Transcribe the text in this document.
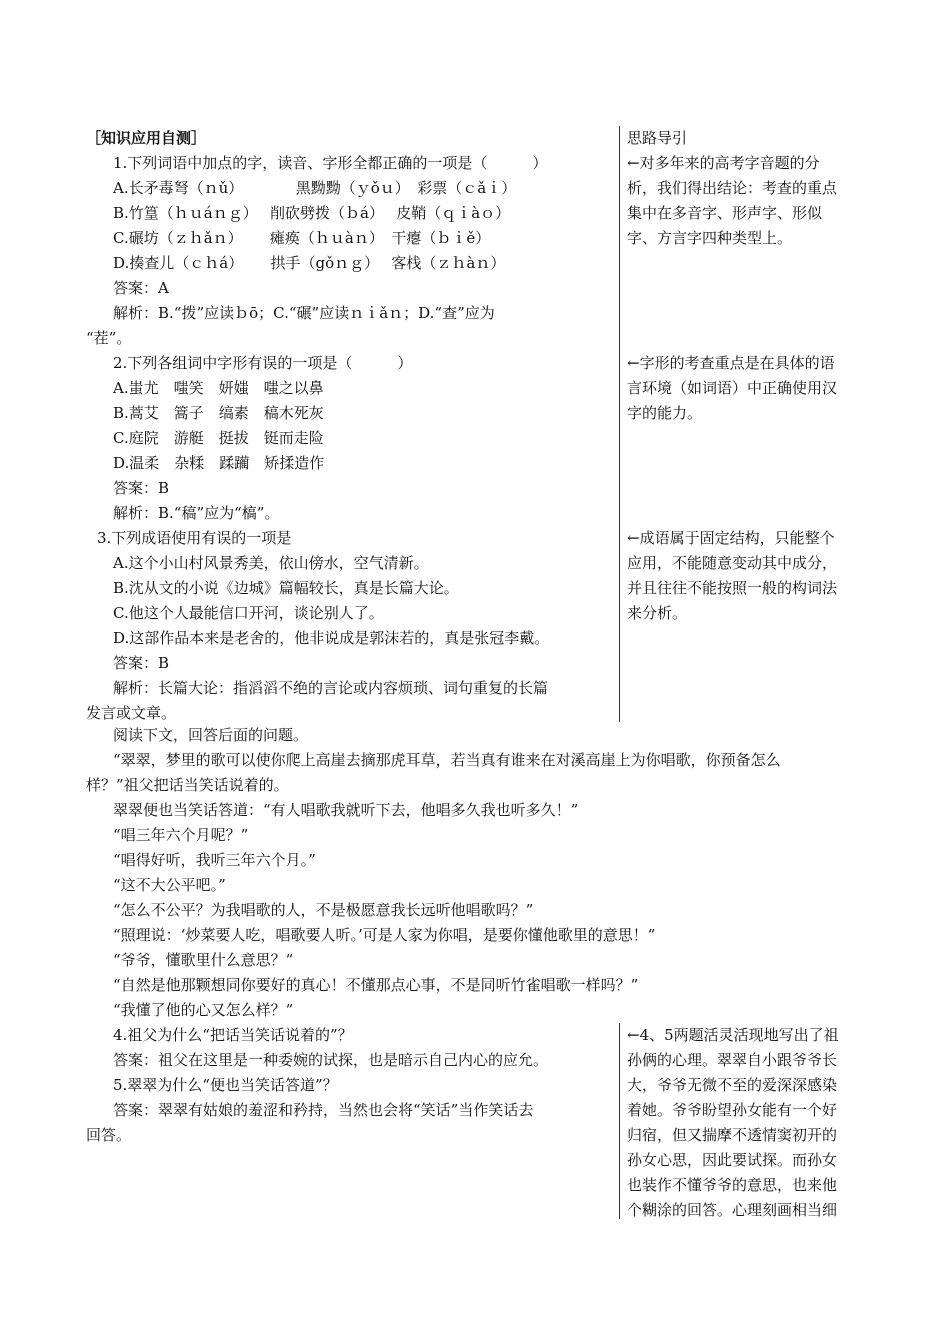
［知识应用自测］
1.下列词语中加点的字，读音、字形全都正确的一项是（　　　）
A.长矛毒弩（ｎǔ）　　　　黑黝黝（ｙǒｕ）　彩票（ｃǎｉ）
B.竹篁（ｈｕáｎｇ）　 削砍劈拨（ｂá）　 皮鞘（ｑｉàｏ）
C.碾坊（ｚｈǎｎ）　　 瘫痪（ｈｕàｎ）　干瘪（ｂｉě）
D.揍查儿（ｃｈá）　　 拱手（gǒｎｇ）　 客栈（ｚｈàｎ）
答案：A
解析：B.“拨”应读ｂō；C.“碾”应读ｎｉǎｎ；D.“查”应为
“茬”。
2.下列各组词中字形有误的一项是（　　　）
A.蚩尤　嗤笑　妍媸　嗤之以鼻
B.蒿艾　篙子　缟素　稿木死灰
C.庭院　游艇　挺拔　铤而走险
D.温柔　杂糅　蹂躏　矫揉造作
答案：B
解析：B.“稿”应为“槁”。
3.下列成语使用有误的一项是
A.这个小山村风景秀美，依山傍水，空气清新。
B.沈从文的小说《边城》篇幅较长，真是长篇大论。
C.他这个人最能信口开河，谈论别人了。
D.这部作品本来是老舍的，他非说成是郭沫若的，真是张冠李戴。
答案：B
解析：长篇大论：指滔滔不绝的言论或内容烦琐、词句重复的长篇
发言或文章。
思路导引
←对多年来的高考字音题的分
析，我们得出结论：考查的重点
集中在多音字、形声字、形似
字、方言字四种类型上。
←字形的考查重点是在具体的语
言环境（如词语）中正确使用汉
字的能力。
←成语属于固定结构，只能整个
应用，不能随意变动其中成分，
并且往往不能按照一般的构词法
来分析。
阅读下文，回答后面的问题。
“翠翠，梦里的歌可以使你爬上高崖去摘那虎耳草，若当真有谁来在对溪高崖上为你唱歌，你预备怎么
样？”祖父把话当笑话说着的。
翠翠便也当笑话答道：“有人唱歌我就听下去，他唱多久我也听多久！”
“唱三年六个月呢？”
“唱得好听，我听三年六个月。”
“这不大公平吧。”
“怎么不公平？为我唱歌的人，不是极愿意我长远听他唱歌吗？”
“照理说：‘炒菜要人吃，唱歌要人听。’可是人家为你唱，是要你懂他歌里的意思！”
“爷爷，懂歌里什么意思？”
“自然是他那颗想同你要好的真心！不懂那点心事，不是同听竹雀唱歌一样吗？”
“我懂了他的心又怎么样？”
4.祖父为什么“把话当笑话说着的”？
答案：祖父在这里是一种委婉的试探，也是暗示自己内心的应允。
5.翠翠为什么“便也当笑话答道”？
答案：翠翠有姑娘的羞涩和矜持，当然也会将“笑话”当作笑话去
回答。
←4、5两题活灵活现地写出了祖
孙俩的心理。翠翠自小跟爷爷长
大，爷爷无微不至的爱深深感染
着她。爷爷盼望孙女能有一个好
归宿，但又揣摩不透情窦初开的
孙女心思，因此要试探。而孙女
也装作不懂爷爷的意思，也来他
个糊涂的回答。心理刻画相当细
